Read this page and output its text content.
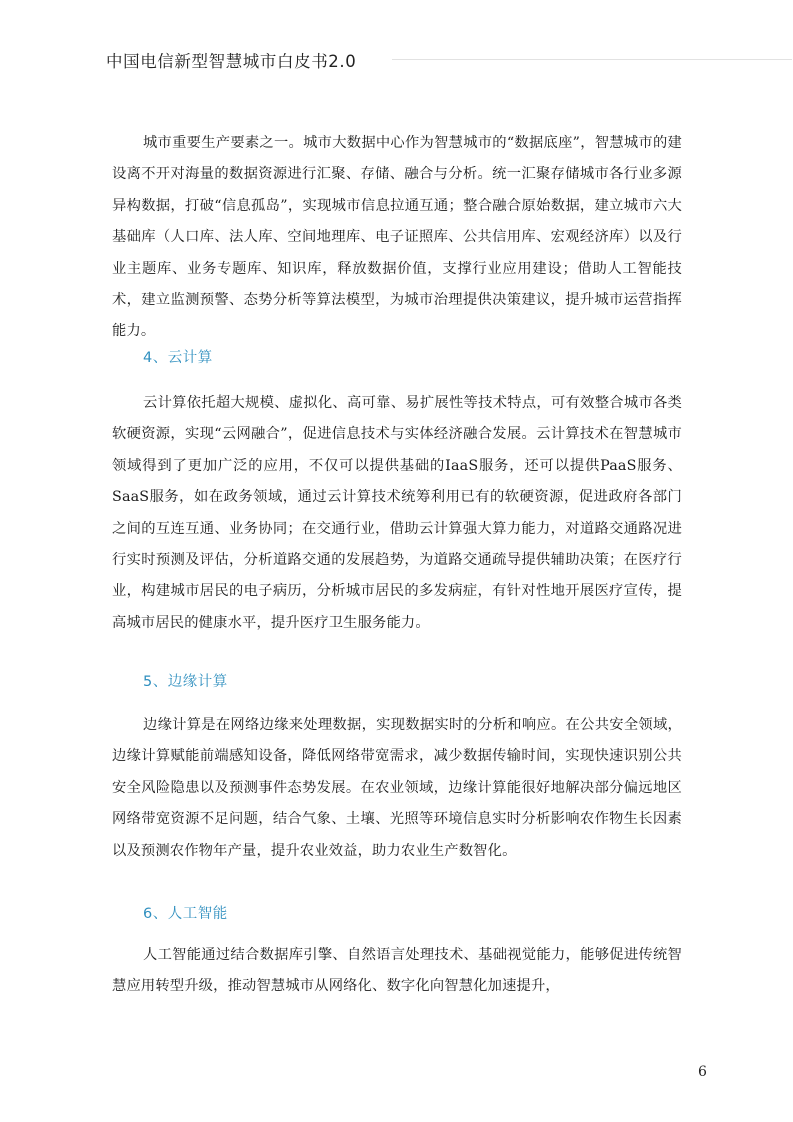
中国电信新型智慧城市白皮书2.0

城市重要生产要素之一。城市大数据中心作为智慧城市的“数据底座”，智慧城市的建设离不开对海量的数据资源进行汇聚、存储、融合与分析。统一汇聚存储城市各行业多源异构数据，打破“信息孤岛”，实现城市信息拉通互通；整合融合原始数据，建立城市六大基础库（人口库、法人库、空间地理库、电子证照库、公共信用库、宏观经济库）以及行业主题库、业务专题库、知识库，释放数据价值，支撑行业应用建设；借助人工智能技术，建立监测预警、态势分析等算法模型，为城市治理提供决策建议，提升城市运营指挥能力。

4、云计算

云计算依托超大规模、虚拟化、高可靠、易扩展性等技术特点，可有效整合城市各类软硬资源，实现“云网融合”，促进信息技术与实体经济融合发展。云计算技术在智慧城市领域得到了更加广泛的应用，不仅可以提供基础的IaaS服务，还可以提供PaaS服务、SaaS服务，如在政务领域，通过云计算技术统筹利用已有的软硬资源，促进政府各部门之间的互连互通、业务协同；在交通行业，借助云计算强大算力能力，对道路交通路况进行实时预测及评估，分析道路交通的发展趋势，为道路交通疏导提供辅助决策；在医疗行业，构建城市居民的电子病历，分析城市居民的多发病症，有针对性地开展医疗宣传，提高城市居民的健康水平，提升医疗卫生服务能力。

5、边缘计算

边缘计算是在网络边缘来处理数据，实现数据实时的分析和响应。在公共安全领域，边缘计算赋能前端感知设备，降低网络带宽需求，减少数据传输时间，实现快速识别公共安全风险隐患以及预测事件态势发展。在农业领域，边缘计算能很好地解决部分偏远地区网络带宽资源不足问题，结合气象、土壤、光照等环境信息实时分析影响农作物生长因素以及预测农作物年产量，提升农业效益，助力农业生产数智化。

6、人工智能

人工智能通过结合数据库引擎、自然语言处理技术、基础视觉能力，能够促进传统智慧应用转型升级，推动智慧城市从网络化、数字化向智慧化加速提升，

6
